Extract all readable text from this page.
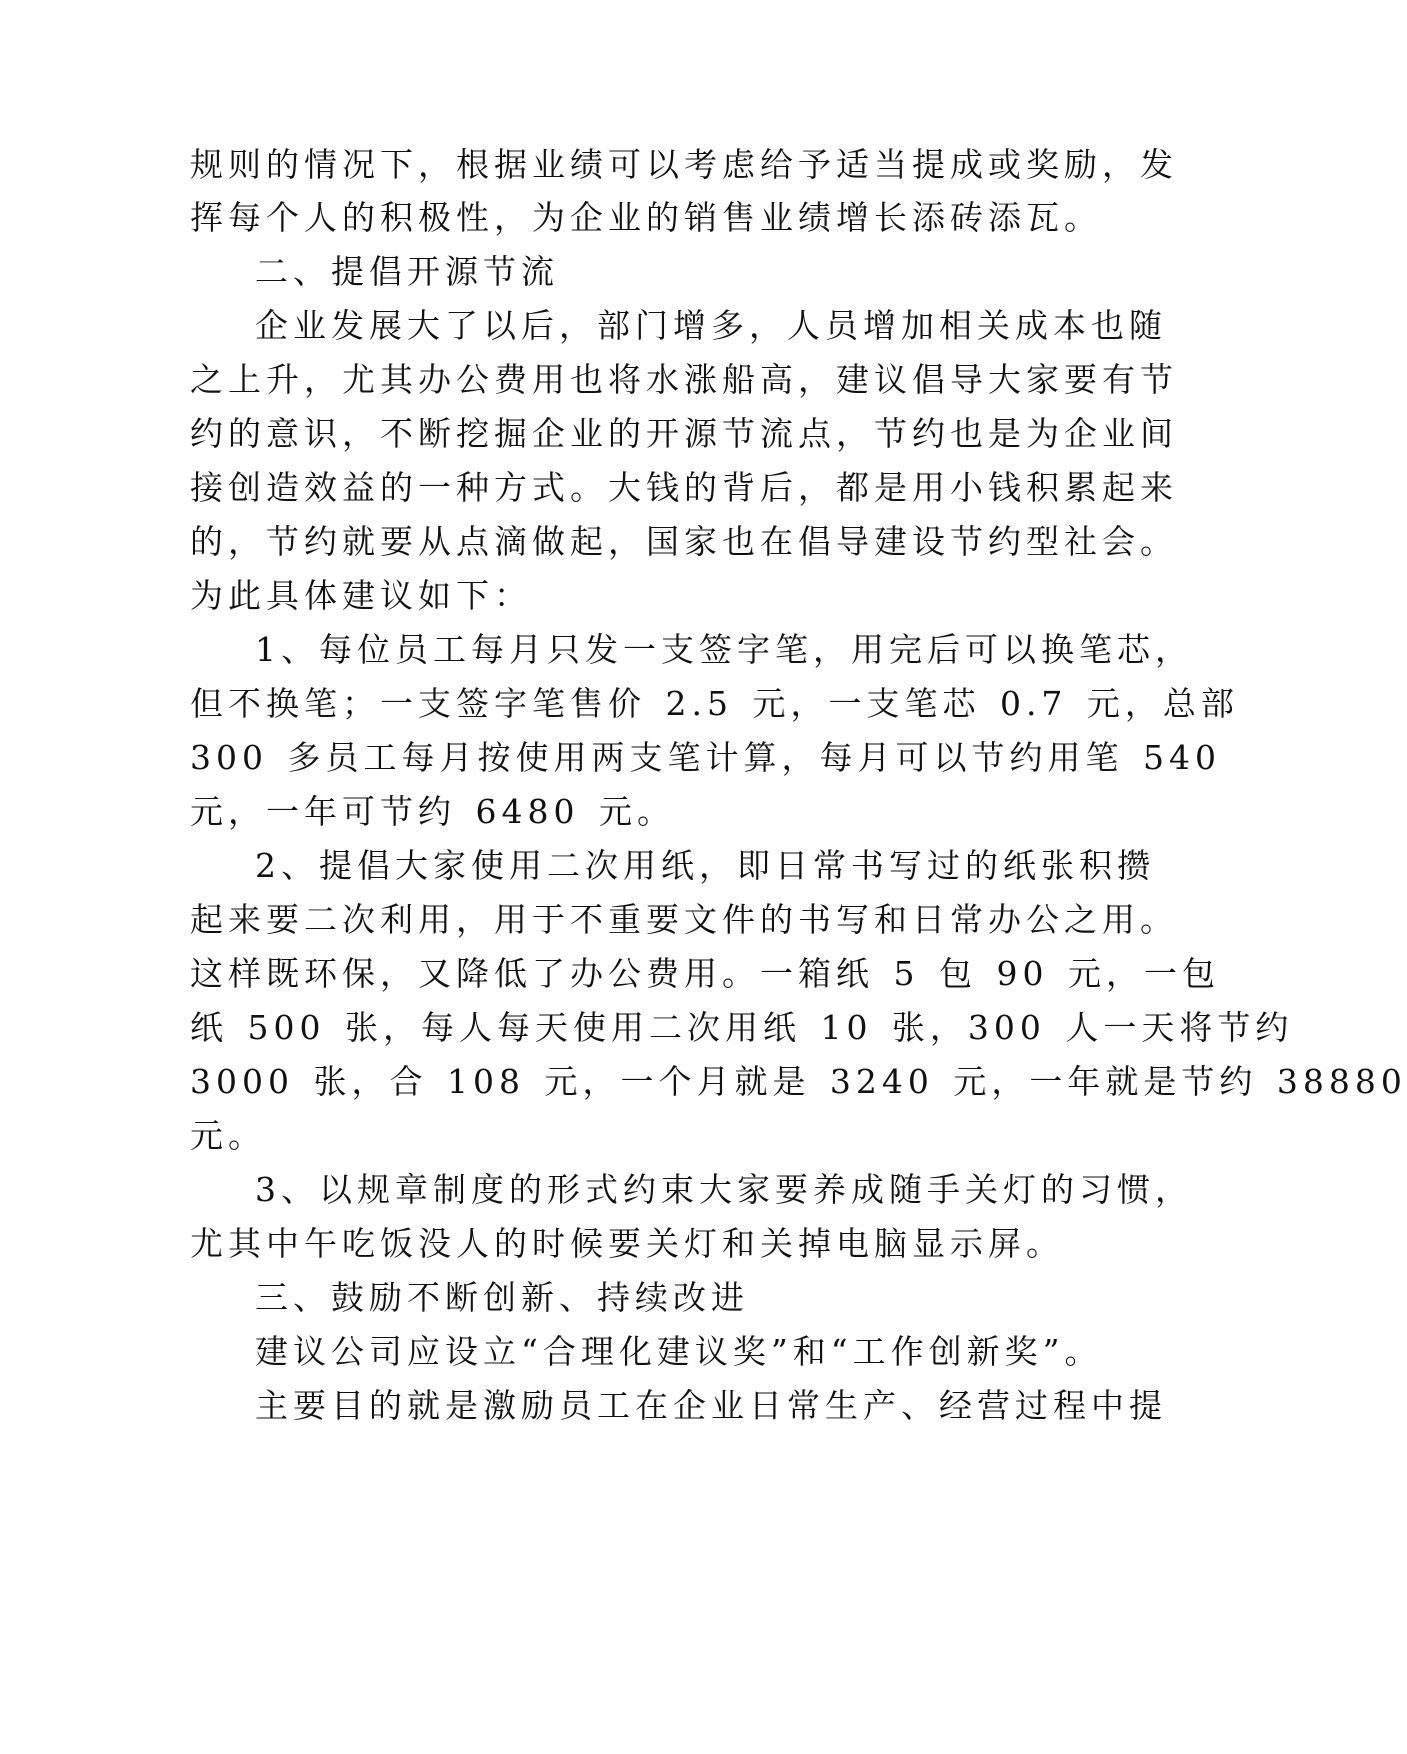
规则的情况下，根据业绩可以考虑给予适当提成或奖励，发
挥每个人的积极性，为企业的销售业绩增长添砖添瓦。
二、提倡开源节流
企业发展大了以后，部门增多，人员增加相关成本也随
之上升，尤其办公费用也将水涨船高，建议倡导大家要有节
约的意识，不断挖掘企业的开源节流点，节约也是为企业间
接创造效益的一种方式。大钱的背后，都是用小钱积累起来
的，节约就要从点滴做起，国家也在倡导建设节约型社会。
为此具体建议如下：
1、每位员工每月只发一支签字笔，用完后可以换笔芯，
但不换笔；一支签字笔售价 2.5 元，一支笔芯 0.7 元，总部
300 多员工每月按使用两支笔计算，每月可以节约用笔 540
元，一年可节约 6480 元。
2、提倡大家使用二次用纸，即日常书写过的纸张积攒
起来要二次利用，用于不重要文件的书写和日常办公之用。
这样既环保，又降低了办公费用。一箱纸 5 包 90 元，一包
纸 500 张，每人每天使用二次用纸 10 张，300 人一天将节约
3000 张，合 108 元，一个月就是 3240 元，一年就是节约 38880
元。
3、以规章制度的形式约束大家要养成随手关灯的习惯，
尤其中午吃饭没人的时候要关灯和关掉电脑显示屏。
三、鼓励不断创新、持续改进
建议公司应设立“合理化建议奖”和“工作创新奖”。
主要目的就是激励员工在企业日常生产、经营过程中提
